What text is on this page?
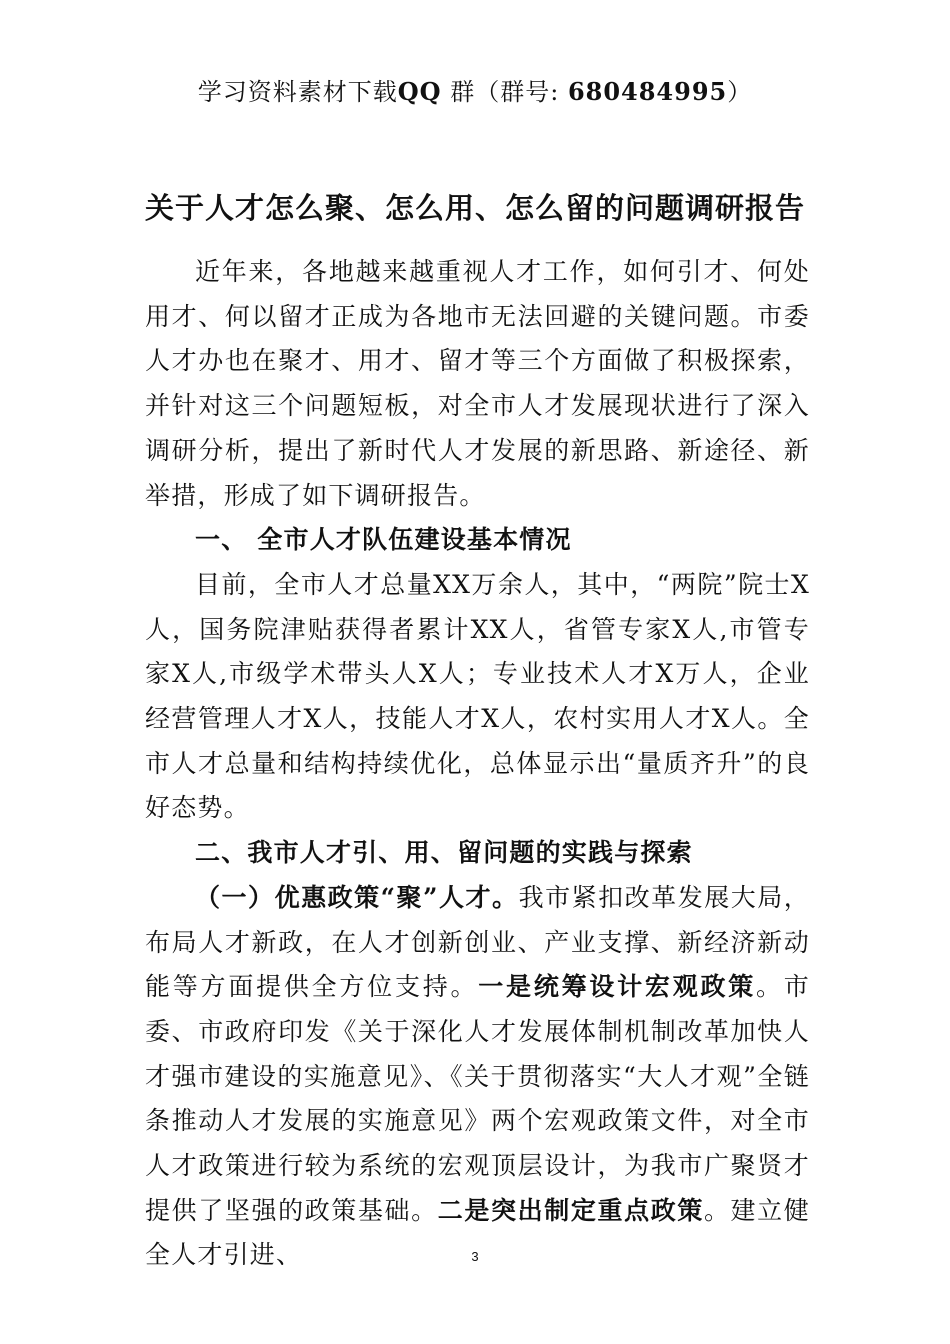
学习资料素材下载QQ 群（群号: 680484995）
关于人才怎么聚、怎么用、怎么留的问题调研报告

近年来，各地越来越重视人才工作，如何引才、何处用才、何以留才正成为各地市无法回避的关键问题。市委人才办也在聚才、用才、留才等三个方面做了积极探索，并针对这三个问题短板，对全市人才发展现状进行了深入调研分析，提出了新时代人才发展的新思路、新途径、新举措，形成了如下调研报告。

一、 全市人才队伍建设基本情况

目前，全市人才总量XX万余人，其中，“两院”院士X人，国务院津贴获得者累计XX人，省管专家X人,市管专家X人,市级学术带头人X人；专业技术人才X万人，企业经营管理人才X人，技能人才X人，农村实用人才X人。全市人才总量和结构持续优化，总体显示出“量质齐升”的良好态势。

二、我市人才引、用、留问题的实践与探索

（一）优惠政策“聚”人才。我市紧扣改革发展大局，布局人才新政，在人才创新创业、产业支撑、新经济新动能等方面提供全方位支持。一是统筹设计宏观政策。市委、市政府印发《关于深化人才发展体制机制改革加快人才强市建设的实施意见》、《关于贯彻落实“大人才观”全链条推动人才发展的实施意见》两个宏观政策文件，对全市人才政策进行较为系统的宏观顶层设计，为我市广聚贤才提供了坚强的政策基础。二是突出制定重点政策。建立健全人才引进、	3
